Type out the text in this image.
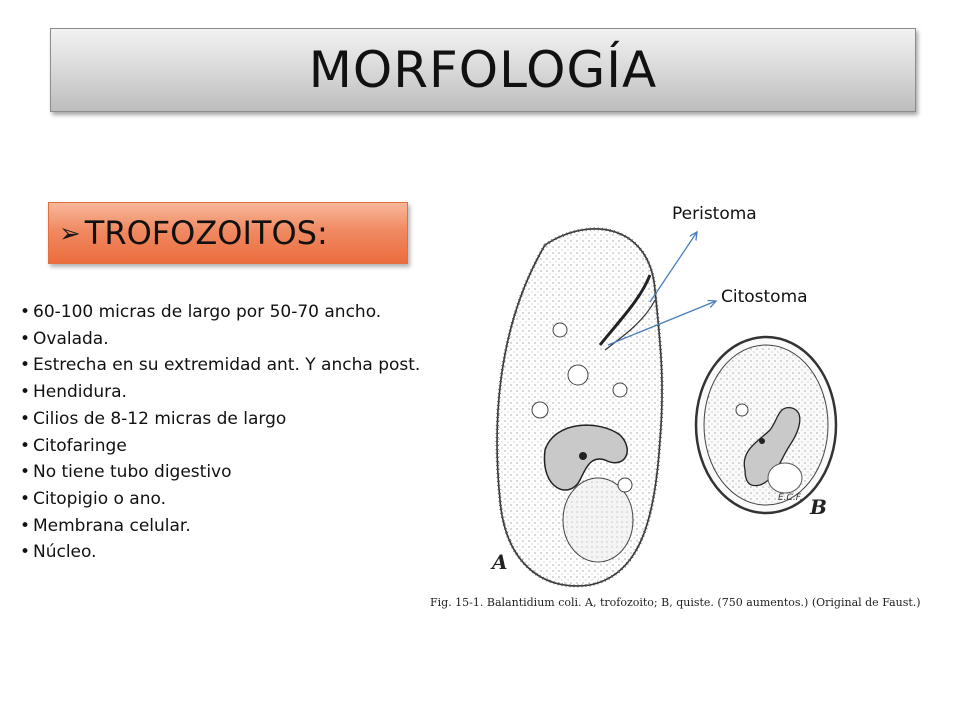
MORFOLOGÍA
➢ TROFOZOITOS:
• 60-100 micras de largo por 50-70 ancho.
• Ovalada.
• Estrecha en su extremidad ant. Y ancha post.
• Hendidura.
• Cilios de 8-12 micras de largo
• Citofaringe
• No tiene tubo digestivo
• Citopigio o ano.
• Membrana celular.
• Núcleo.
Peristoma
Citostoma
A
B
E.C.F.
Fig. 15-1. Balantidium coli. A, trofozoito; B, quiste. (750 aumentos.) (Original de Faust.)
